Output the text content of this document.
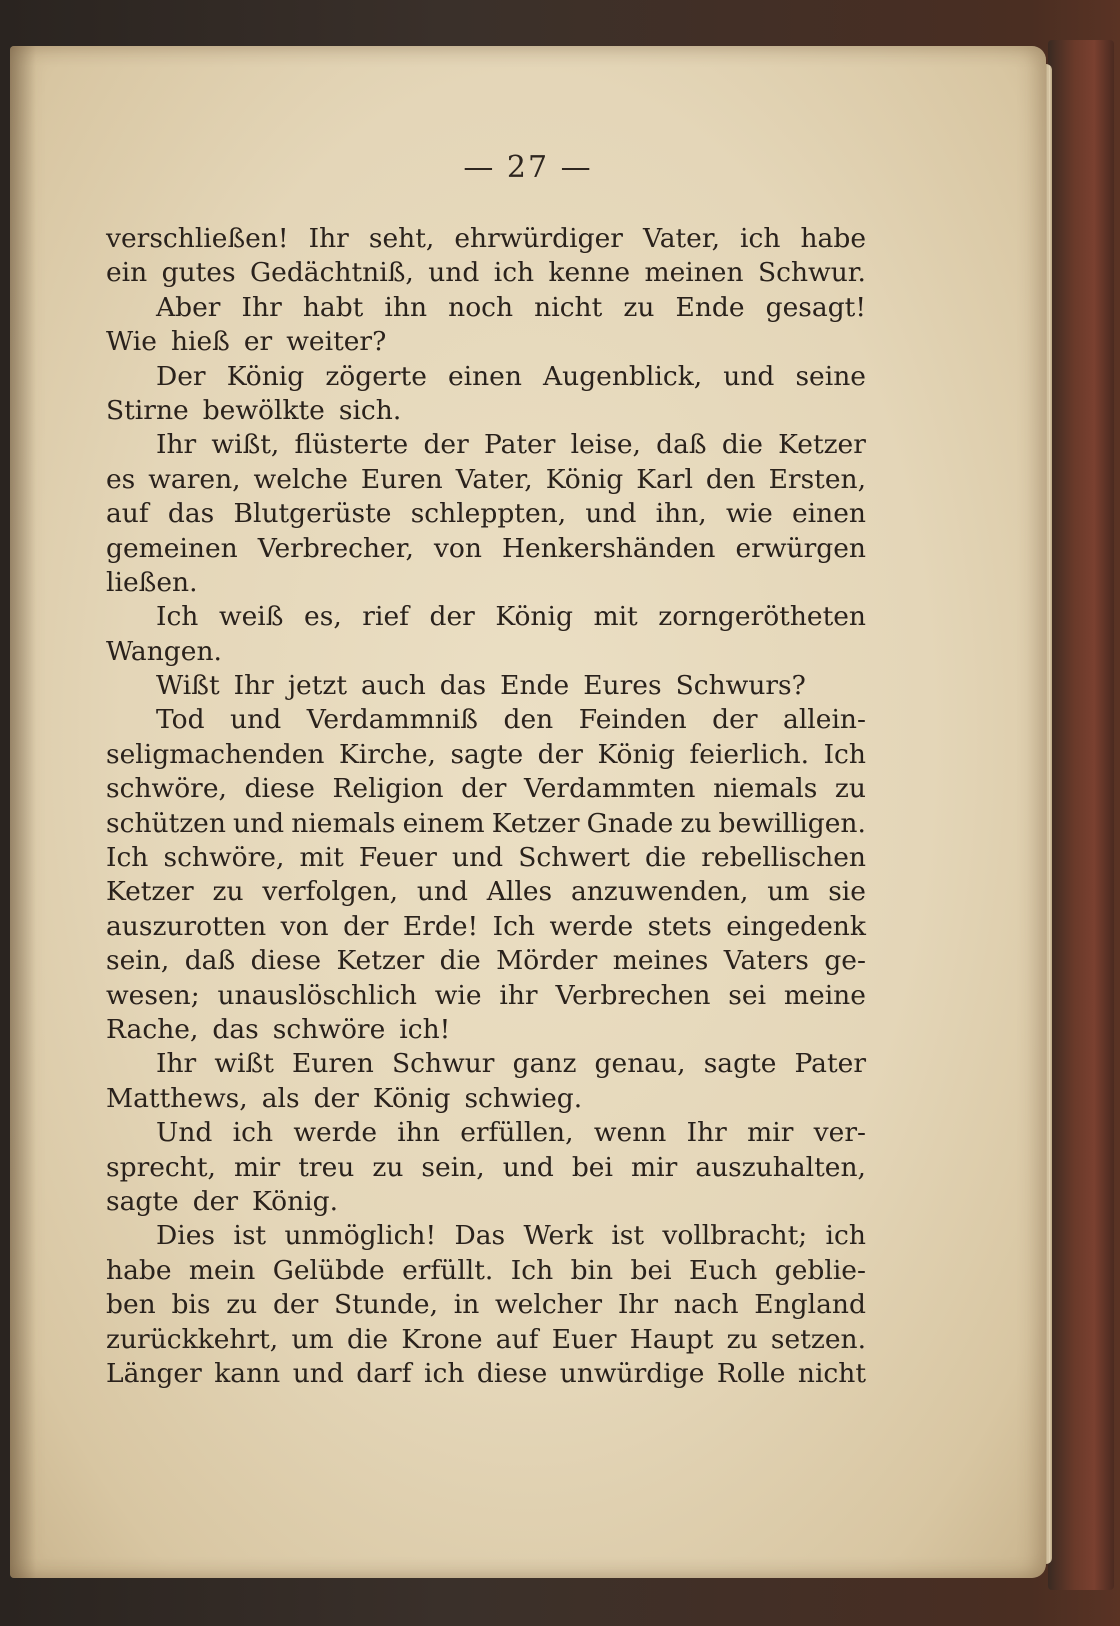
— 27 —
verschließen! Ihr seht, ehrwürdiger Vater, ich habe
ein gutes Gedächtniß, und ich kenne meinen Schwur.
Aber Ihr habt ihn noch nicht zu Ende gesagt!
Wie hieß er weiter?
Der König zögerte einen Augenblick, und seine
Stirne bewölkte sich.
Ihr wißt, flüsterte der Pater leise, daß die Ketzer
es waren, welche Euren Vater, König Karl den Ersten,
auf das Blutgerüste schleppten, und ihn, wie einen
gemeinen Verbrecher, von Henkershänden erwürgen
ließen.
Ich weiß es, rief der König mit zorngerötheten
Wangen.
Wißt Ihr jetzt auch das Ende Eures Schwurs?
Tod und Verdammniß den Feinden der allein-
seligmachenden Kirche, sagte der König feierlich. Ich
schwöre, diese Religion der Verdammten niemals zu
schützen und niemals einem Ketzer Gnade zu bewilligen.
Ich schwöre, mit Feuer und Schwert die rebellischen
Ketzer zu verfolgen, und Alles anzuwenden, um sie
auszurotten von der Erde! Ich werde stets eingedenk
sein, daß diese Ketzer die Mörder meines Vaters ge-
wesen; unauslöschlich wie ihr Verbrechen sei meine
Rache, das schwöre ich!
Ihr wißt Euren Schwur ganz genau, sagte Pater
Matthews, als der König schwieg.
Und ich werde ihn erfüllen, wenn Ihr mir ver-
sprecht, mir treu zu sein, und bei mir auszuhalten,
sagte der König.
Dies ist unmöglich! Das Werk ist vollbracht; ich
habe mein Gelübde erfüllt. Ich bin bei Euch geblie-
ben bis zu der Stunde, in welcher Ihr nach England
zurückkehrt, um die Krone auf Euer Haupt zu setzen.
Länger kann und darf ich diese unwürdige Rolle nicht
